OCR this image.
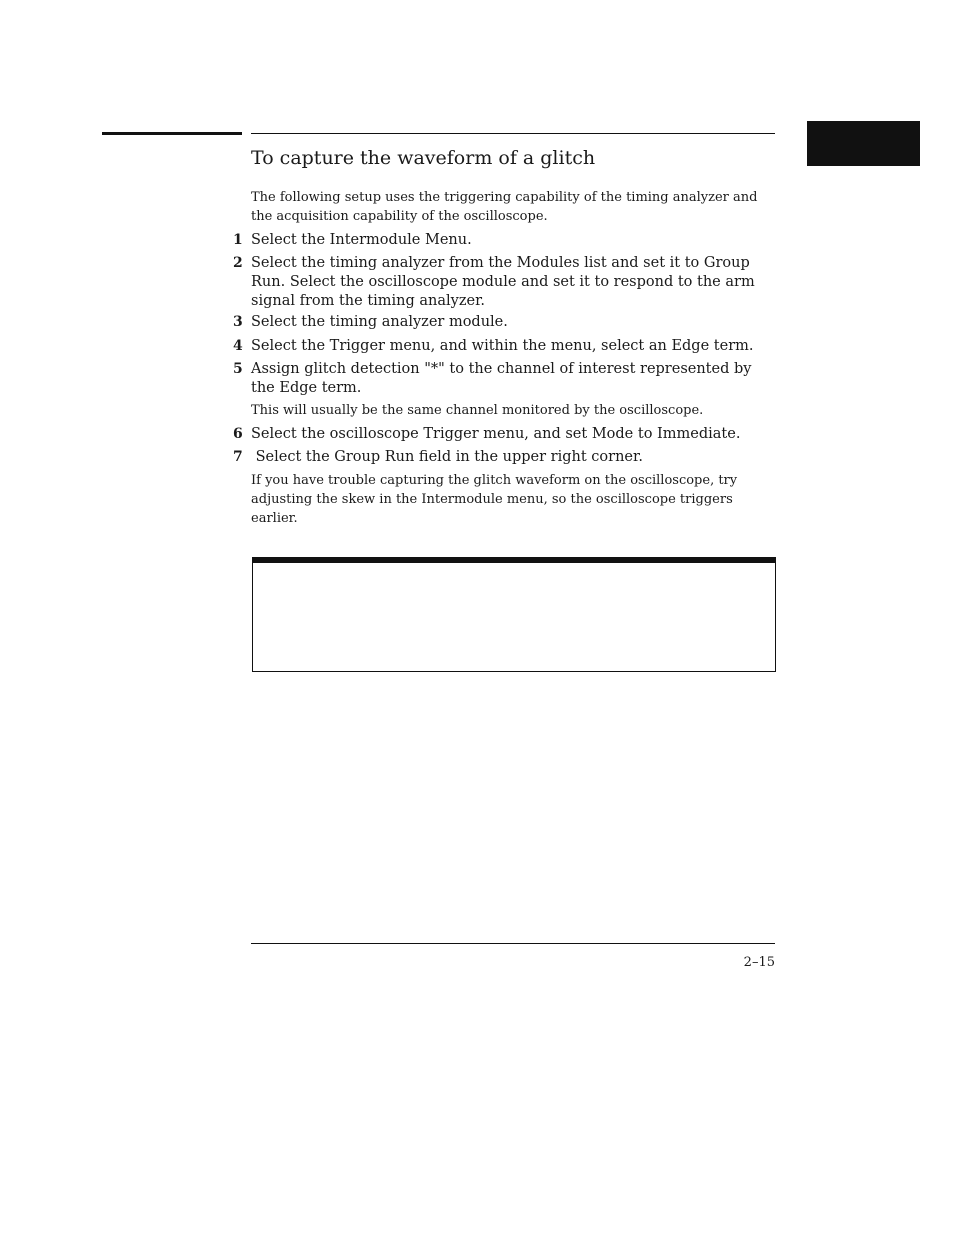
To capture the waveform of a glitch

The following setup uses the triggering capability of the timing analyzer and the acquisition capability of the oscilloscope.

1 Select the Intermodule Menu.

2 Select the timing analyzer from the Modules list and set it to Group Run. Select the oscilloscope module and set it to respond to the arm signal from the timing analyzer.

3 Select the timing analyzer module.

4 Select the Trigger menu, and within the menu, select an Edge term.

5 Assign glitch detection "*" to the channel of interest represented by the Edge term.

This will usually be the same channel monitored by the oscilloscope.

6 Select the oscilloscope Trigger menu, and set Mode to Immediate.

7 Select the Group Run field in the upper right corner.

If you have trouble capturing the glitch waveform on the oscilloscope, try adjusting the skew in the Intermodule menu, so the oscilloscope triggers earlier.

2–15
